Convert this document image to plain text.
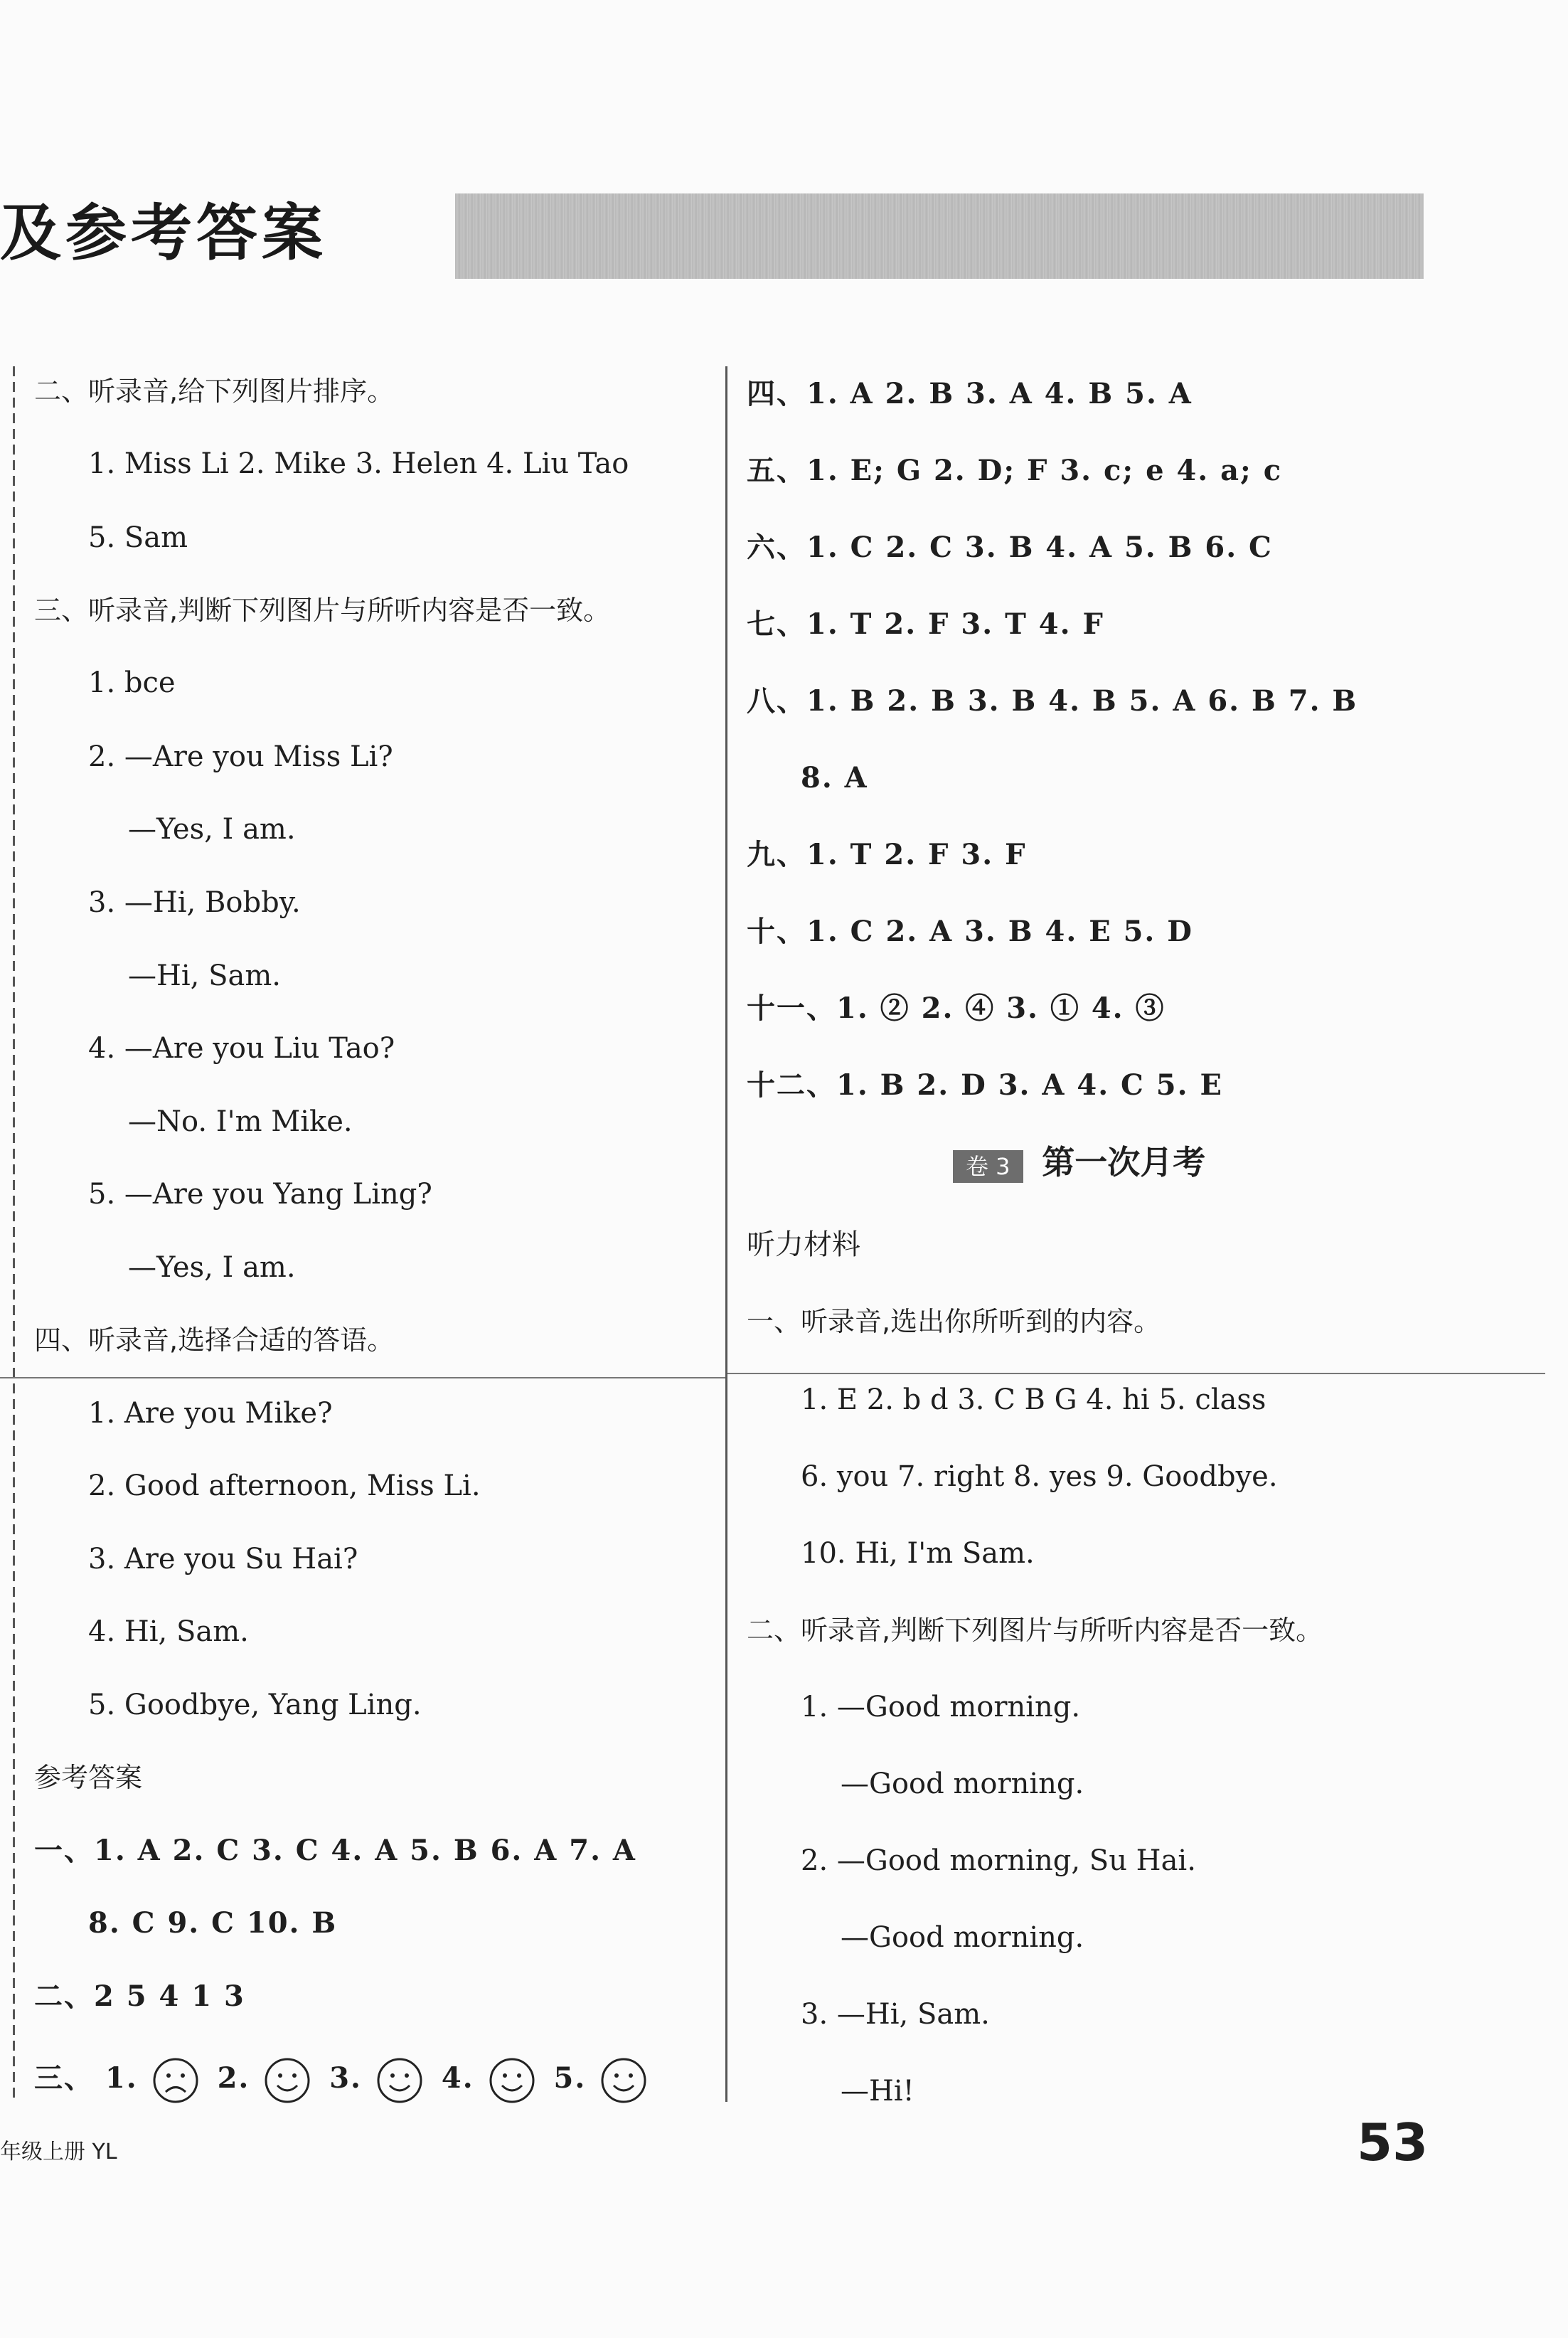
及参考答案
二、听录音,给下列图片排序。
1. Miss Li 2. Mike 3. Helen 4. Liu Tao
5. Sam
三、听录音,判断下列图片与所听内容是否一致。
1. bce
2. —Are you Miss Li?
—Yes, I am.
3. —Hi, Bobby.
—Hi, Sam.
4. —Are you Liu Tao?
—No. I'm Mike.
5. —Are you Yang Ling?
—Yes, I am.
四、听录音,选择合适的答语。
1. Are you Mike?
2. Good afternoon, Miss Li.
3. Are you Su Hai?
4. Hi, Sam.
5. Goodbye, Yang Ling.
参考答案
一、1. A 2. C 3. C 4. A 5. B 6. A 7. A
8. C 9. C 10. B
二、2 5 4 1 3
三、 1.	2.	3.	4.	5.
四、1. A 2. B 3. A 4. B 5. A
五、1. E; G 2. D; F 3. c; e 4. a; c
六、1. C 2. C 3. B 4. A 5. B 6. C
七、1. T 2. F 3. T 4. F
八、1. B 2. B 3. B 4. B 5. A 6. B 7. B
8. A
九、1. T 2. F 3. F
十、1. C 2. A 3. B 4. E 5. D
十一、1. ② 2. ④ 3. ① 4. ③
十二、1. B 2. D 3. A 4. C 5. E
卷 3 第一次月考
听力材料
一、听录音,选出你所听到的内容。
1. E 2. b d 3. C B G 4. hi 5. class
6. you 7. right 8. yes 9. Goodbye.
10. Hi, I'm Sam.
二、听录音,判断下列图片与所听内容是否一致。
1. —Good morning.
—Good morning.
2. —Good morning, Su Hai.
—Good morning.
3. —Hi, Sam.
—Hi!
年级上册 YL	53
